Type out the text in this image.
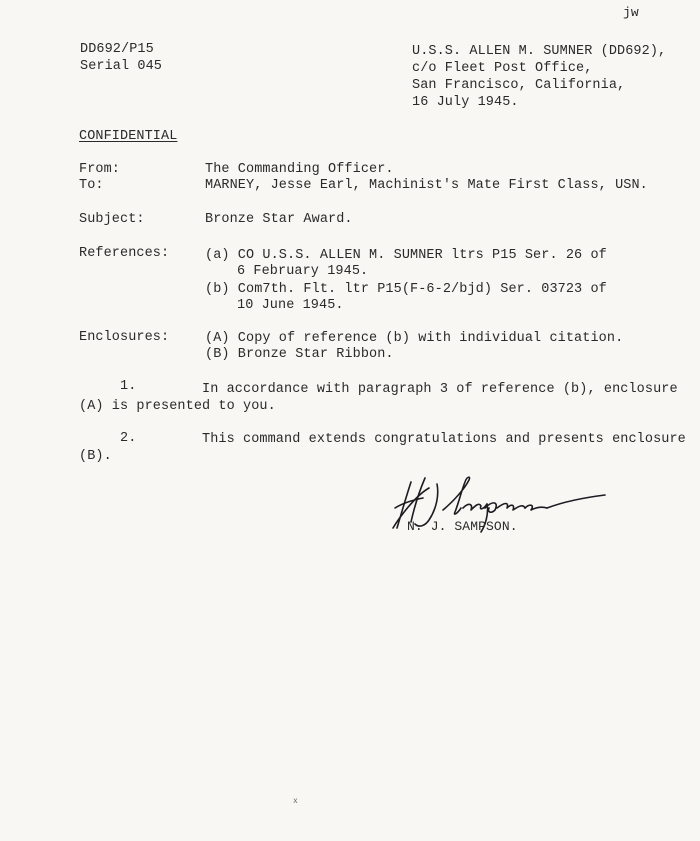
jw
DD692/P15
Serial 045
U.S.S. ALLEN M. SUMNER (DD692),
c/o Fleet Post Office,
San Francisco, California,
16 July 1945.
CONFIDENTIAL
From:	The Commanding Officer.
To:	MARNEY, Jesse Earl, Machinist's Mate First Class, USN.
Subject:	Bronze Star Award.
References:	(a) CO U.S.S. ALLEN M. SUMNER ltrs P15 Ser. 26 of
6 February 1945.
(b) Com7th. Flt. ltr P15(F-6-2/bjd) Ser. 03723 of
10 June 1945.
Enclosures:	(A) Copy of reference (b) with individual citation.
(B) Bronze Star Ribbon.
1.	In accordance with paragraph 3 of reference (b), enclosure
(A) is presented to you.
2.	This command extends congratulations and presents enclosure
(B).
N. J. SAMPSON.
x
